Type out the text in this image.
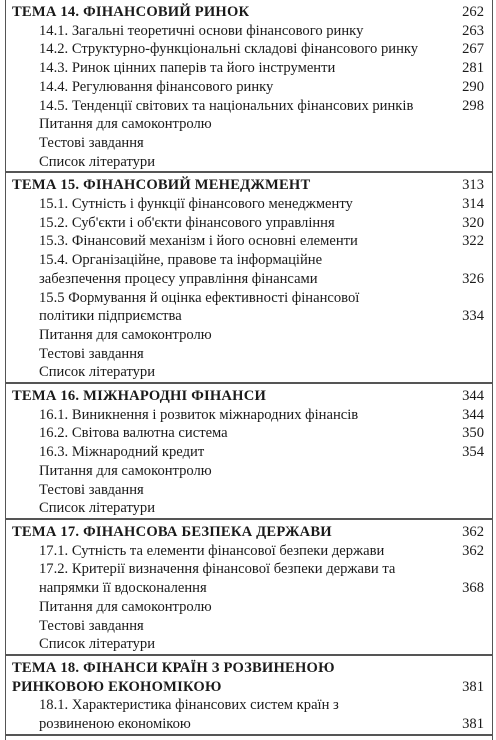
ТЕМА 14. ФІНАНСОВИЙ РИНОК	262
14.1. Загальні теоретичні основи фінансового ринку	263
14.2. Структурно-функціональні складові фінансового ринку	267
14.3. Ринок цінних паперів та його інструменти	281
14.4. Регулювання фінансового ринку	290
14.5. Тенденції світових та національних фінансових ринків	298
Питання для самоконтролю
Тестові завдання
Список літератури
ТЕМА 15. ФІНАНСОВИЙ МЕНЕДЖМЕНТ	313
15.1. Сутність і функції фінансового менеджменту	314
15.2. Суб'єкти і об'єкти фінансового управління	320
15.3. Фінансовий механізм і його основні елементи	322
15.4. Організаційне, правове та інформаційне
забезпечення процесу управління фінансами	326
15.5 Формування й оцінка ефективності фінансової
політики підприємства	334
Питання для самоконтролю
Тестові завдання
Список літератури
ТЕМА 16. МІЖНАРОДНІ ФІНАНСИ	344
16.1. Виникнення і розвиток міжнародних фінансів	344
16.2. Світова валютна система	350
16.3. Міжнародний кредит	354
Питання для самоконтролю
Тестові завдання
Список літератури
ТЕМА 17. ФІНАНСОВА БЕЗПЕКА ДЕРЖАВИ	362
17.1. Сутність та елементи фінансової безпеки держави	362
17.2. Критерії визначення фінансової безпеки держави та
напрямки її вдосконалення	368
Питання для самоконтролю
Тестові завдання
Список літератури
ТЕМА 18. ФІНАНСИ КРАЇН З РОЗВИНЕНОЮ
РИНКОВОЮ ЕКОНОМІКОЮ	381
18.1. Характеристика фінансових систем країн з
розвиненою економікою	381
